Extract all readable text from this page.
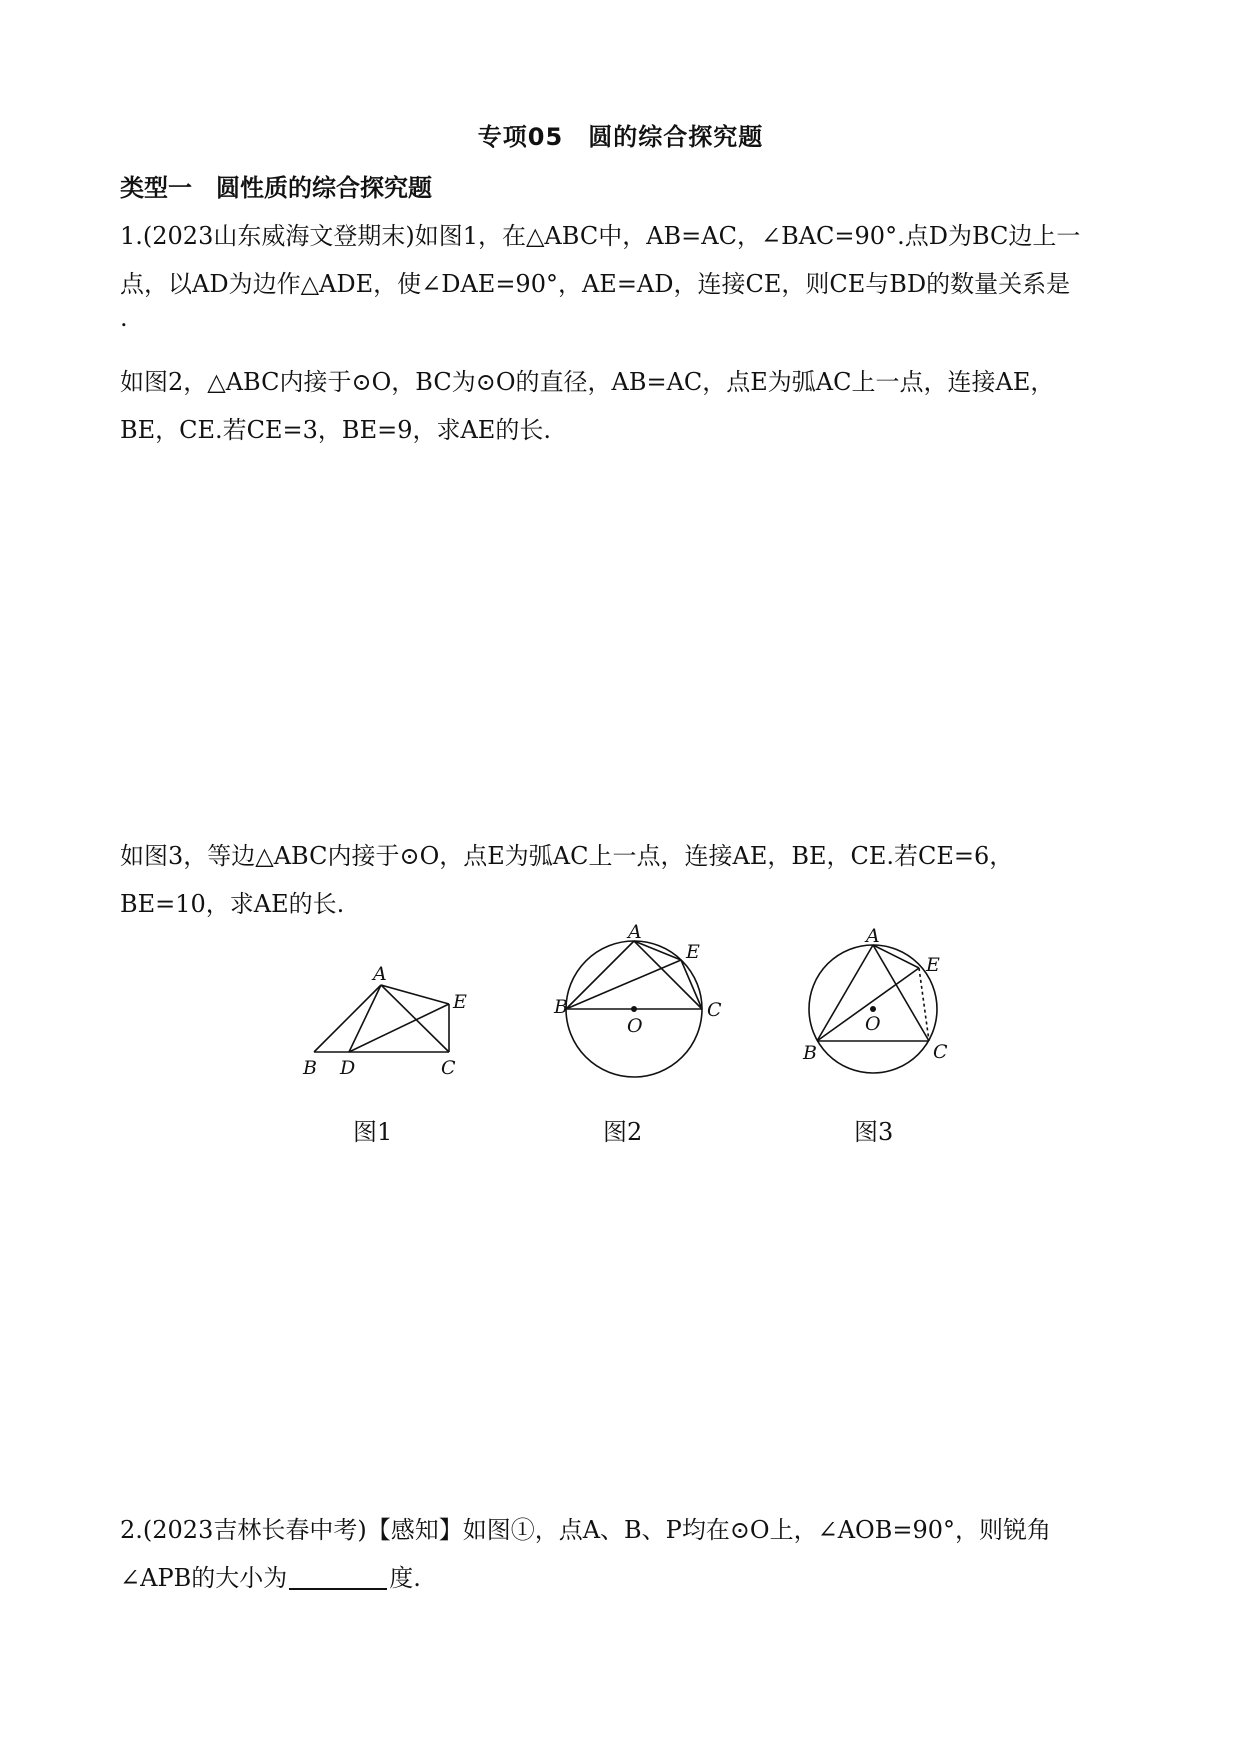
专项05　圆的综合探究题
类型一　圆性质的综合探究题
1.(2023山东威海文登期末)如图1，在△ABC中，AB=AC，∠BAC=90°.点D为BC边上一
点，以AD为边作△ADE，使∠DAE=90°，AE=AD，连接CE，则CE与BD的数量关系是
.
如图2，△ABC内接于⊙O，BC为⊙O的直径，AB=AC，点E为弧AC上一点，连接AE，
BE，CE.若CE=3，BE=9，求AE的长.
如图3，等边△ABC内接于⊙O，点E为弧AC上一点，连接AE，BE，CE.若CE=6，
BE=10，求AE的长.
A
B D	C
E
图1
A
B	C
E
O
图2
A
B	C
E
O
图3
2.(2023吉林长春中考)【感知】如图①，点A、B、P均在⊙O上，∠AOB=90°，则锐角
∠APB的大小为	度.
